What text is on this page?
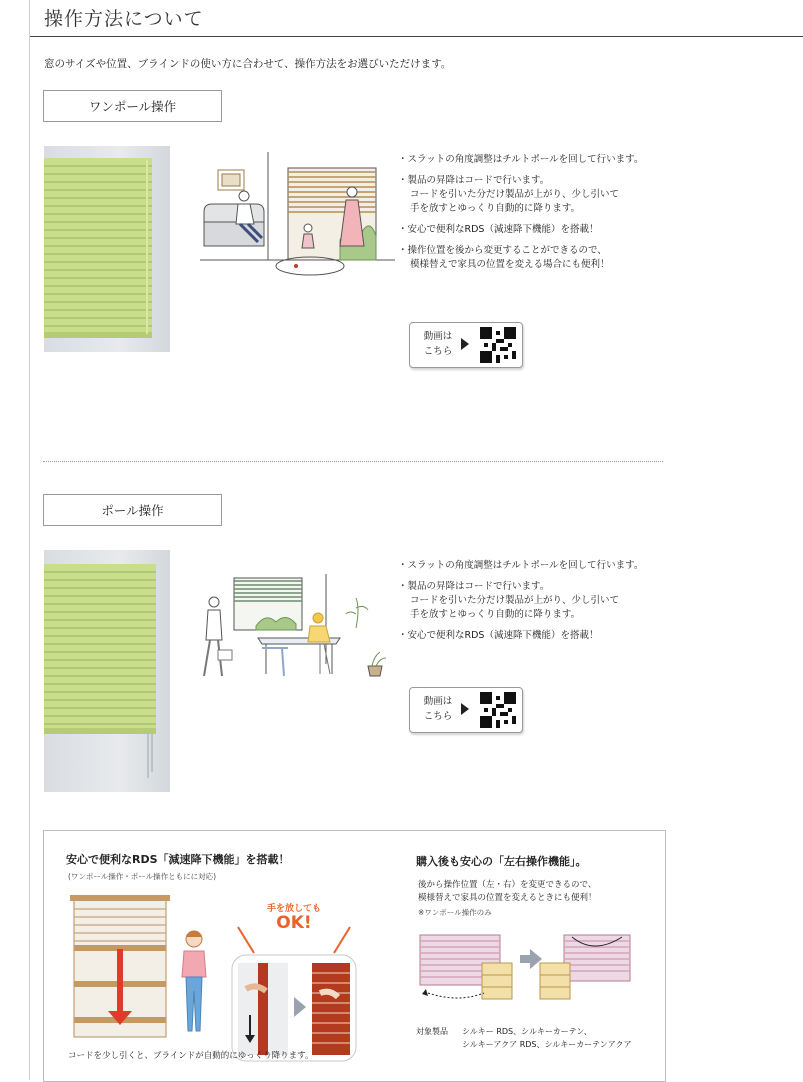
操作方法について
窓のサイズや位置、ブラインドの使い方に合わせて、操作方法をお選びいただけます。
ワンポール操作
・スラットの角度調整はチルトポールを回して行います。
・製品の昇降はコードで行います。
コードを引いた分だけ製品が上がり、少し引いて
手を放すとゆっくり自動的に降ります。
・安心で便利なRDS（減速降下機能）を搭載！
・操作位置を後から変更することができるので、
模様替えで家具の位置を変える場合にも便利！
動画は
こちら
ポール操作
・スラットの角度調整はチルトポールを回して行います。
・製品の昇降はコードで行います。
コードを引いた分だけ製品が上がり、少し引いて
手を放すとゆっくり自動的に降ります。
・安心で便利なRDS（減速降下機能）を搭載！
動画は
こちら
安心で便利なRDS「減速降下機能」を搭載！
(ワンポール操作・ポール操作ともにに対応)
手を放しても
OK!
コードを少し引くと、ブラインドが自動的にゆっくり降ります。
購入後も安心の「左右操作機能」。
後から操作位置（左・右）を変更できるので、
模様替えで家具の位置を変えるときにも便利！
※ワンポール操作のみ
対象製品 シルキー RDS、シルキーカーテン、
シルキーアクア RDS、シルキーカーテンアクア
